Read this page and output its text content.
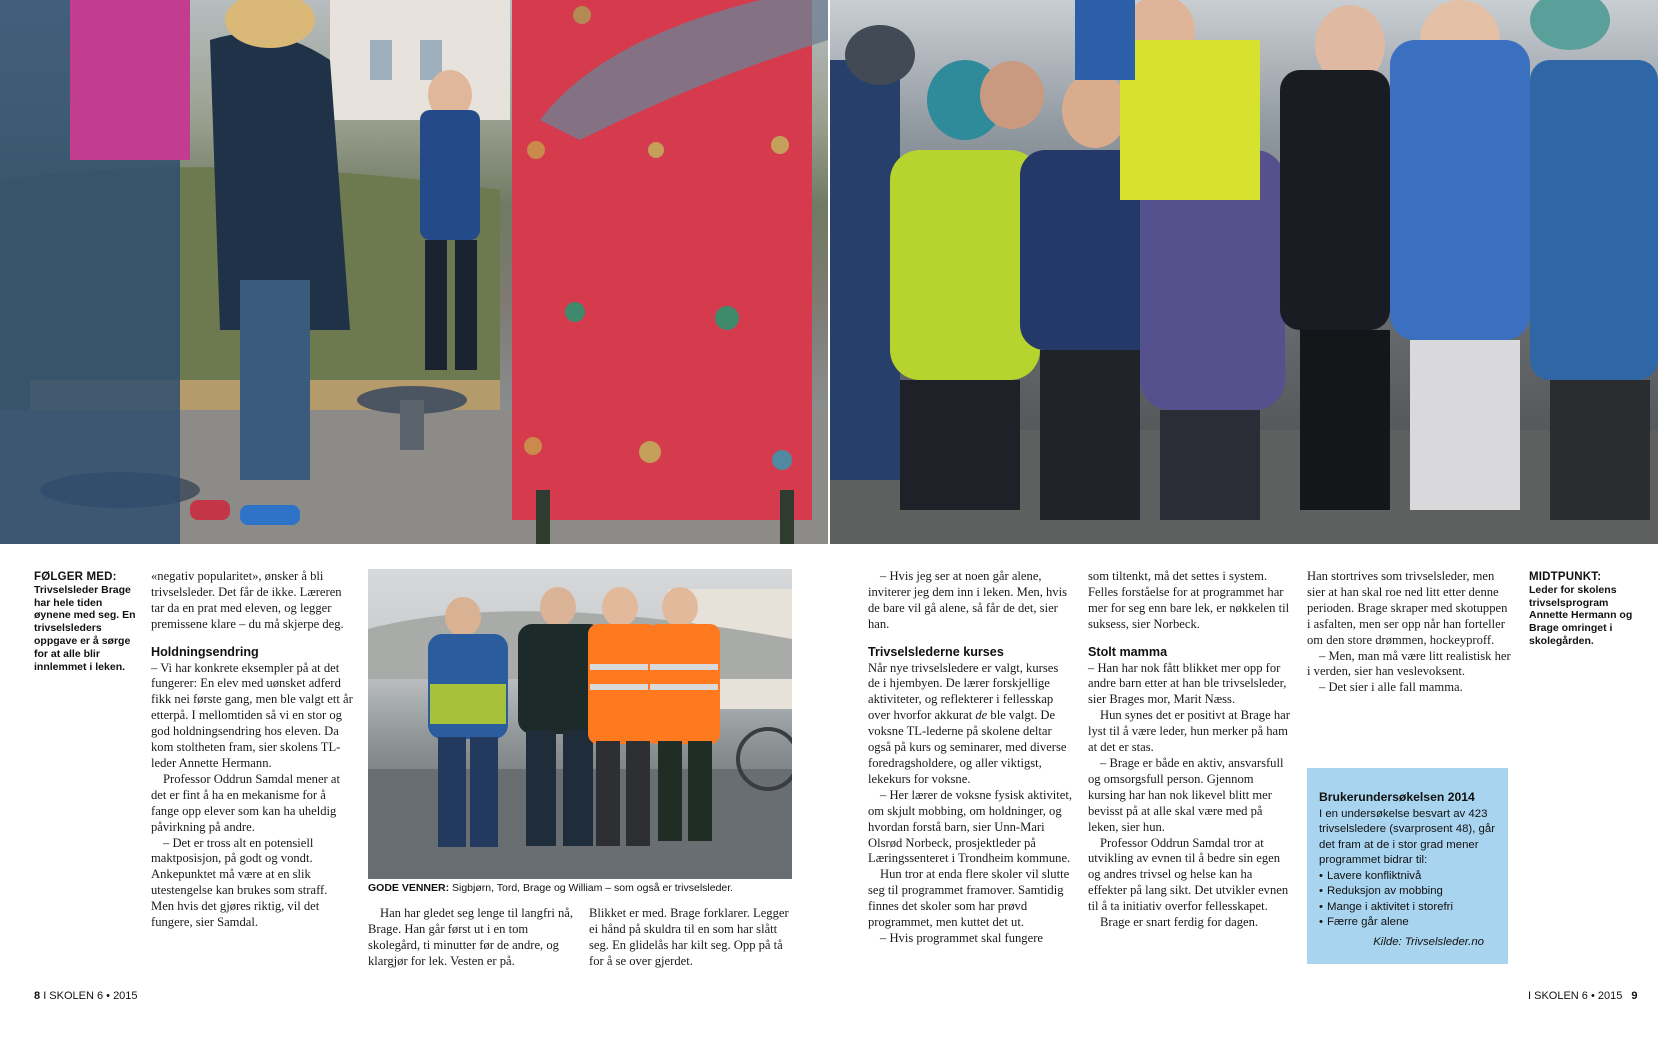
FØLGER MED:
Trivselsleder Brage har hele tiden øynene med seg. En trivselsleders oppgave er å sørge for at alle blir innlemmet i leken.
GODE VENNER: Sigbjørn, Tord, Brage og William – som også er trivselsleder.
MIDTPUNKT:
Leder for skolens trivselsprogram Annette Hermann og Brage omringet i skolegården.

«negativ popularitet», ønsker å bli trivselsleder. Det får de ikke. Læreren tar da en prat med eleven, og legger premissene klare – du må skjerpe deg.

Holdningsendring

– Vi har konkrete eksempler på at det fungerer: En elev med uønsket adferd fikk nei første gang, men ble valgt ett år etterpå. I mellomtiden så vi en stor og god holdningsendring hos eleven. Da kom stoltheten fram, sier skolens TL-leder Annette Hermann.

Professor Oddrun Samdal mener at det er fint å ha en mekanisme for å fange opp elever som kan ha uheldig påvirkning på andre.

– Det er tross alt en potensiell maktposisjon, på godt og vondt. Ankepunktet må være at en slik utestengelse kan brukes som straff. Men hvis det gjøres riktig, vil det fungere, sier Samdal.

Han har gledet seg lenge til langfri nå, Brage. Han går først ut i en tom skolegård, ti minutter før de andre, og klargjør for lek. Vesten er på.

Blikket er med. Brage forklarer. Legger ei hånd på skuldra til en som har slått seg. En glidelås har kilt seg. Opp på tå for å se over gjerdet.

– Hvis jeg ser at noen går alene, inviterer jeg dem inn i leken. Men, hvis de bare vil gå alene, så får de det, sier han.

Trivselslederne kurses

Når nye trivselsledere er valgt, kurses de i hjembyen. De lærer forskjellige aktiviteter, og reflekterer i fellesskap over hvorfor akkurat de ble valgt. De voksne TL-lederne på skolene deltar også på kurs og seminarer, med diverse foredragsholdere, og aller viktigst, lekekurs for voksne.

– Her lærer de voksne fysisk aktivitet, om skjult mobbing, om holdninger, og hvordan forstå barn, sier Unn-Mari Olsrød Norbeck, prosjektleder på Læringssenteret i Trondheim kommune.

Hun tror at enda flere skoler vil slutte seg til programmet framover. Samtidig finnes det skoler som har prøvd programmet, men kuttet det ut.

– Hvis programmet skal fungere

som tiltenkt, må det settes i system. Felles forståelse for at programmet har mer for seg enn bare lek, er nøkkelen til suksess, sier Norbeck.

Stolt mamma

– Han har nok fått blikket mer opp for andre barn etter at han ble trivselsleder, sier Brages mor, Marit Næss.

Hun synes det er positivt at Brage har lyst til å være leder, hun merker på ham at det er stas.

– Brage er både en aktiv, ansvarsfull og omsorgsfull person. Gjennom kursing har han nok likevel blitt mer bevisst på at alle skal være med på leken, sier hun.

Professor Oddrun Samdal tror at utvikling av evnen til å bedre sin egen og andres trivsel og helse kan ha effekter på lang sikt. Det utvikler evnen til å ta initiativ overfor fellesskapet.

Brage er snart ferdig for dagen.

Han stortrives som trivselsleder, men sier at han skal roe ned litt etter denne perioden. Brage skraper med skotuppen i asfalten, men ser opp når han forteller om den store drømmen, hockeyproff.

– Men, man må være litt realistisk her i verden, sier han veslevoksent.

– Det sier i alle fall mamma.

Brukerundersøkelsen 2014
I en undersøkelse besvart av 423 trivselsledere (svarprosent 48), går det fram at de i stor grad mener programmet bidrar til:
• Lavere konfliktnivå
• Reduksjon av mobbing
• Mange i aktivitet i storefri
• Færre går alene
Kilde: Trivselsleder.no
8 I SKOLEN 6 • 2015	I SKOLEN 6 • 2015 9
